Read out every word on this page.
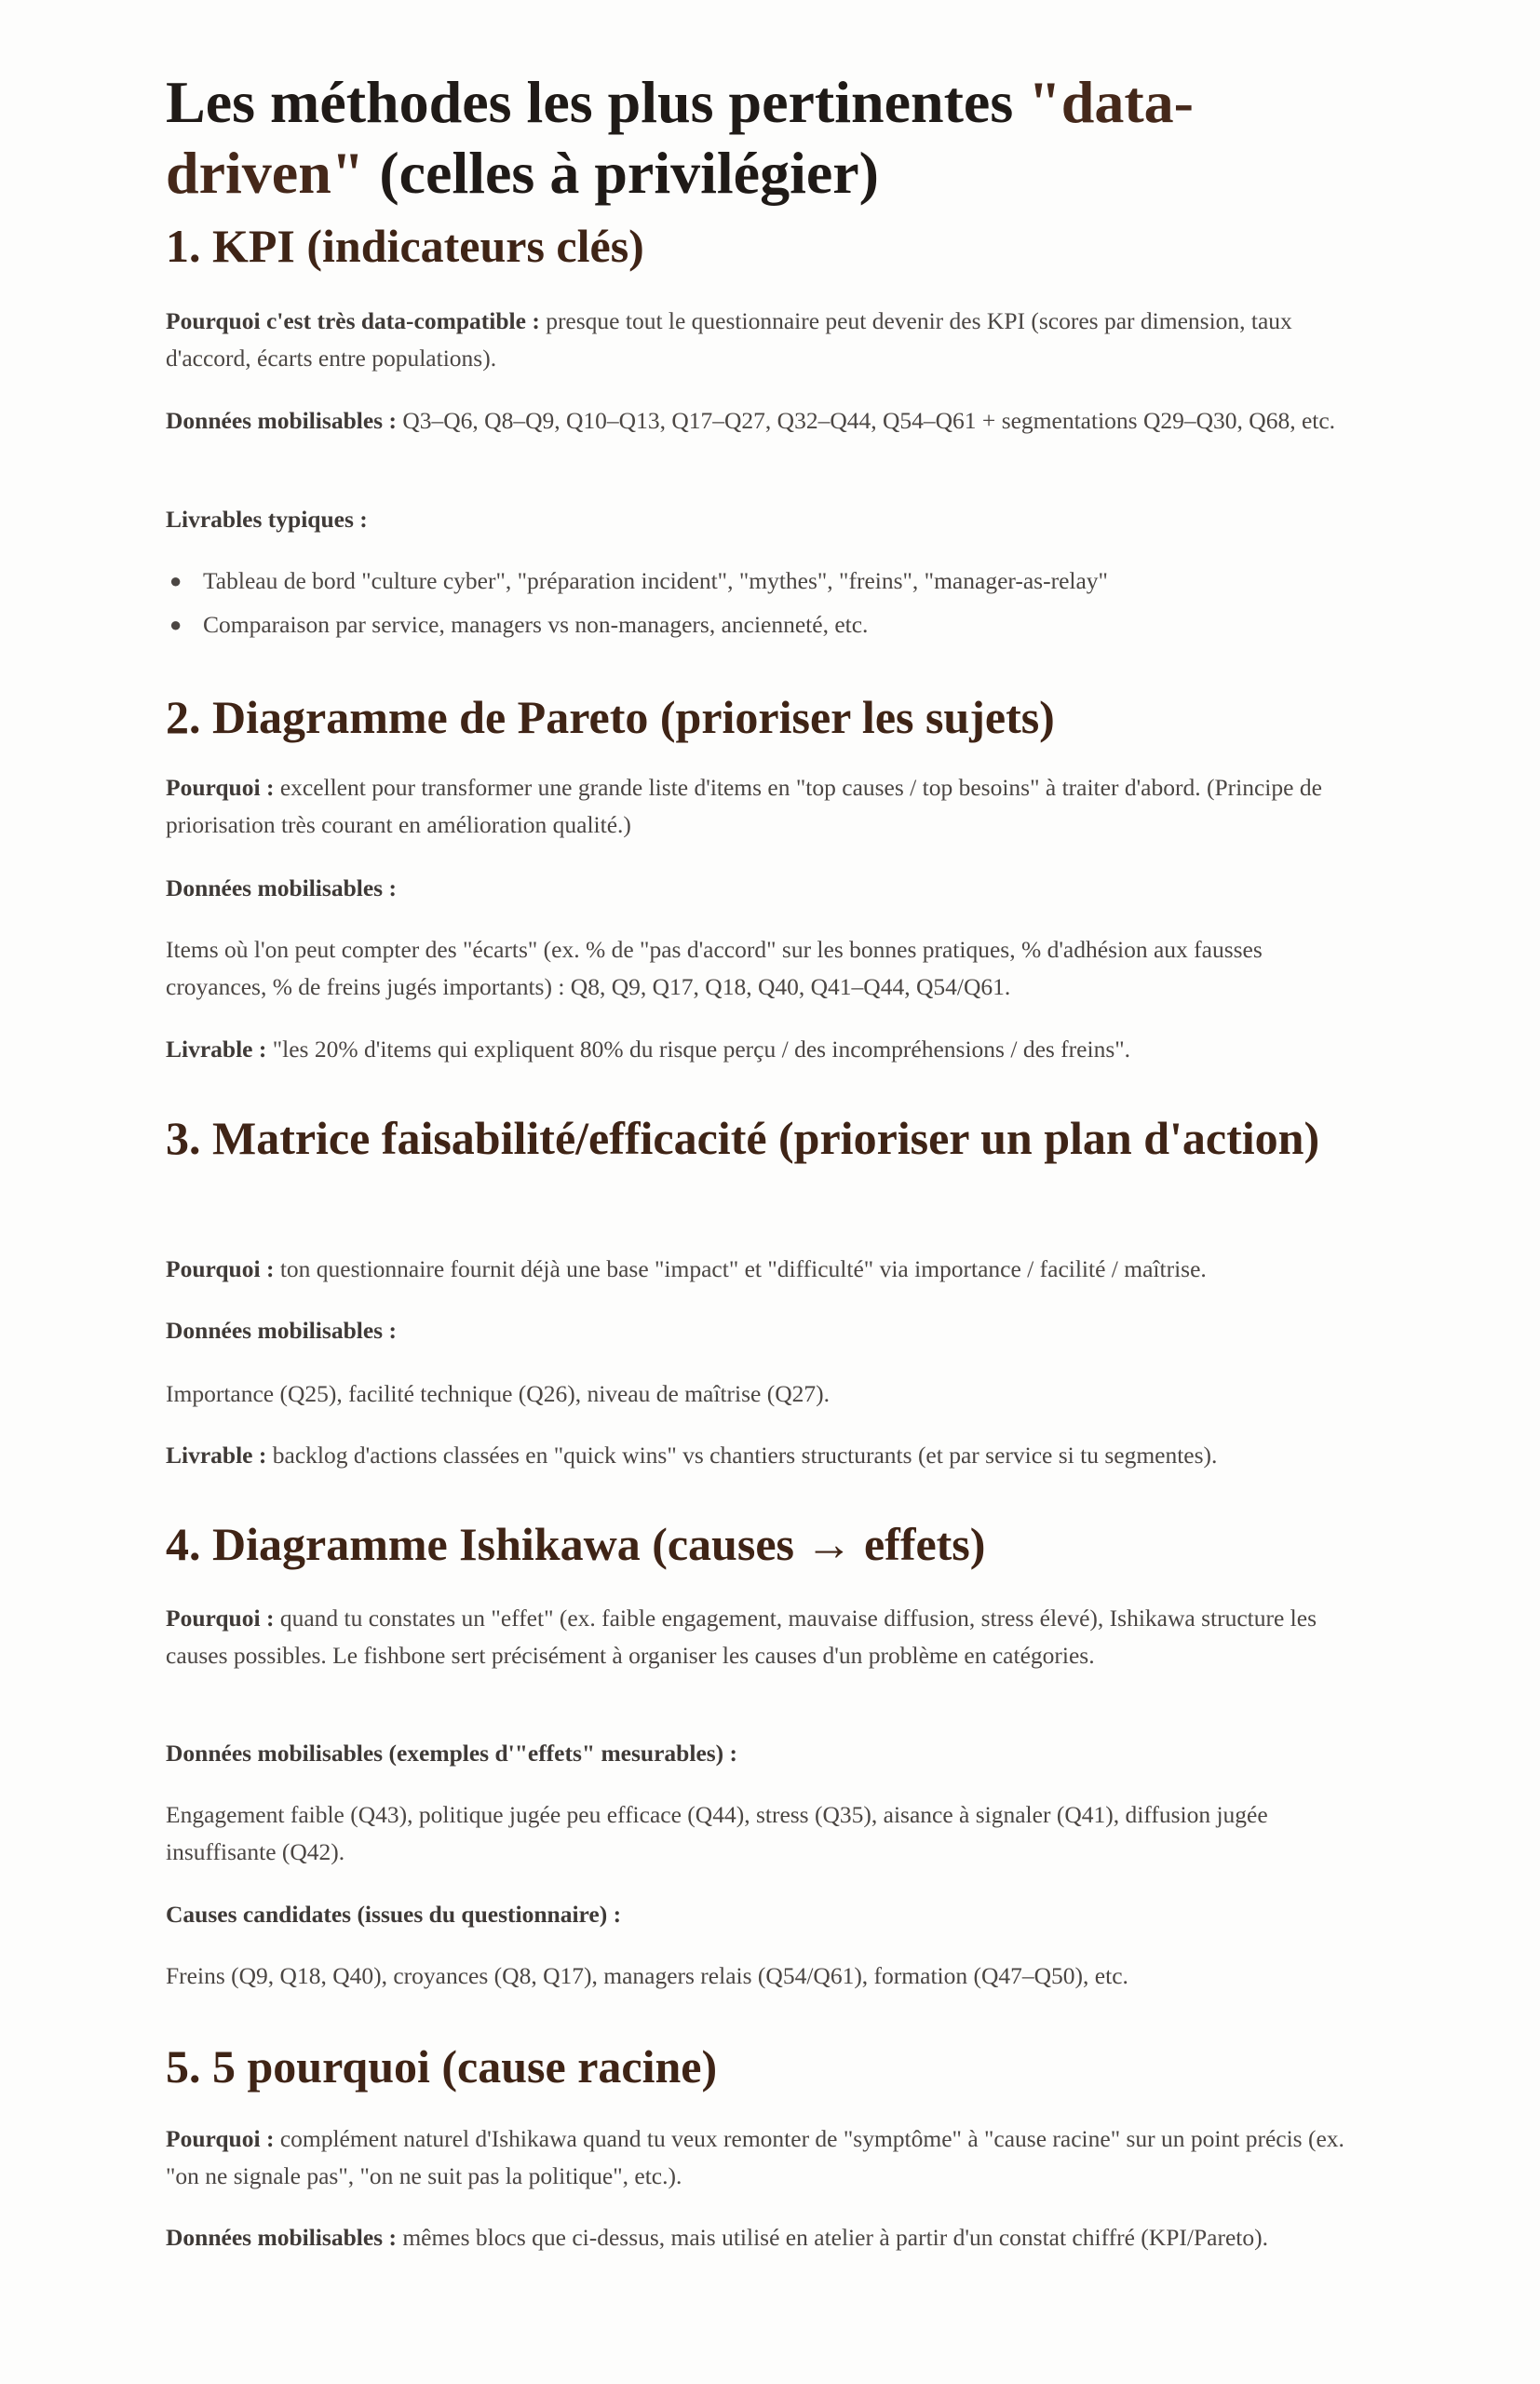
Les méthodes les plus pertinentes "data-driven" (celles à privilégier)
1. KPI (indicateurs clés)

Pourquoi c'est très data-compatible : presque tout le questionnaire peut devenir des KPI (scores par dimension, taux d'accord, écarts entre populations).

Données mobilisables : Q3–Q6, Q8–Q9, Q10–Q13, Q17–Q27, Q32–Q44, Q54–Q61 + segmentations Q29–Q30, Q68, etc.

Livrables typiques :

● Tableau de bord "culture cyber", "préparation incident", "mythes", "freins", "manager-as-relay"
● Comparaison par service, managers vs non-managers, ancienneté, etc.
2. Diagramme de Pareto (prioriser les sujets)

Pourquoi : excellent pour transformer une grande liste d'items en "top causes / top besoins" à traiter d'abord. (Principe de priorisation très courant en amélioration qualité.)

Données mobilisables :

Items où l'on peut compter des "écarts" (ex. % de "pas d'accord" sur les bonnes pratiques, % d'adhésion aux fausses croyances, % de freins jugés importants) : Q8, Q9, Q17, Q18, Q40, Q41–Q44, Q54/Q61.

Livrable : "les 20% d'items qui expliquent 80% du risque perçu / des incompréhensions / des freins".

3. Matrice faisabilité/efficacité (prioriser un plan d'action)

Pourquoi : ton questionnaire fournit déjà une base "impact" et "difficulté" via importance / facilité / maîtrise.

Données mobilisables :

Importance (Q25), facilité technique (Q26), niveau de maîtrise (Q27).

Livrable : backlog d'actions classées en "quick wins" vs chantiers structurants (et par service si tu segmentes).

4. Diagramme Ishikawa (causes → effets)

Pourquoi : quand tu constates un "effet" (ex. faible engagement, mauvaise diffusion, stress élevé), Ishikawa structure les causes possibles. Le fishbone sert précisément à organiser les causes d'un problème en catégories.

Données mobilisables (exemples d'"effets" mesurables) :

Engagement faible (Q43), politique jugée peu efficace (Q44), stress (Q35), aisance à signaler (Q41), diffusion jugée insuffisante (Q42).

Causes candidates (issues du questionnaire) :

Freins (Q9, Q18, Q40), croyances (Q8, Q17), managers relais (Q54/Q61), formation (Q47–Q50), etc.

5. 5 pourquoi (cause racine)

Pourquoi : complément naturel d'Ishikawa quand tu veux remonter de "symptôme" à "cause racine" sur un point précis (ex. "on ne signale pas", "on ne suit pas la politique", etc.).

Données mobilisables : mêmes blocs que ci-dessus, mais utilisé en atelier à partir d'un constat chiffré (KPI/Pareto).
